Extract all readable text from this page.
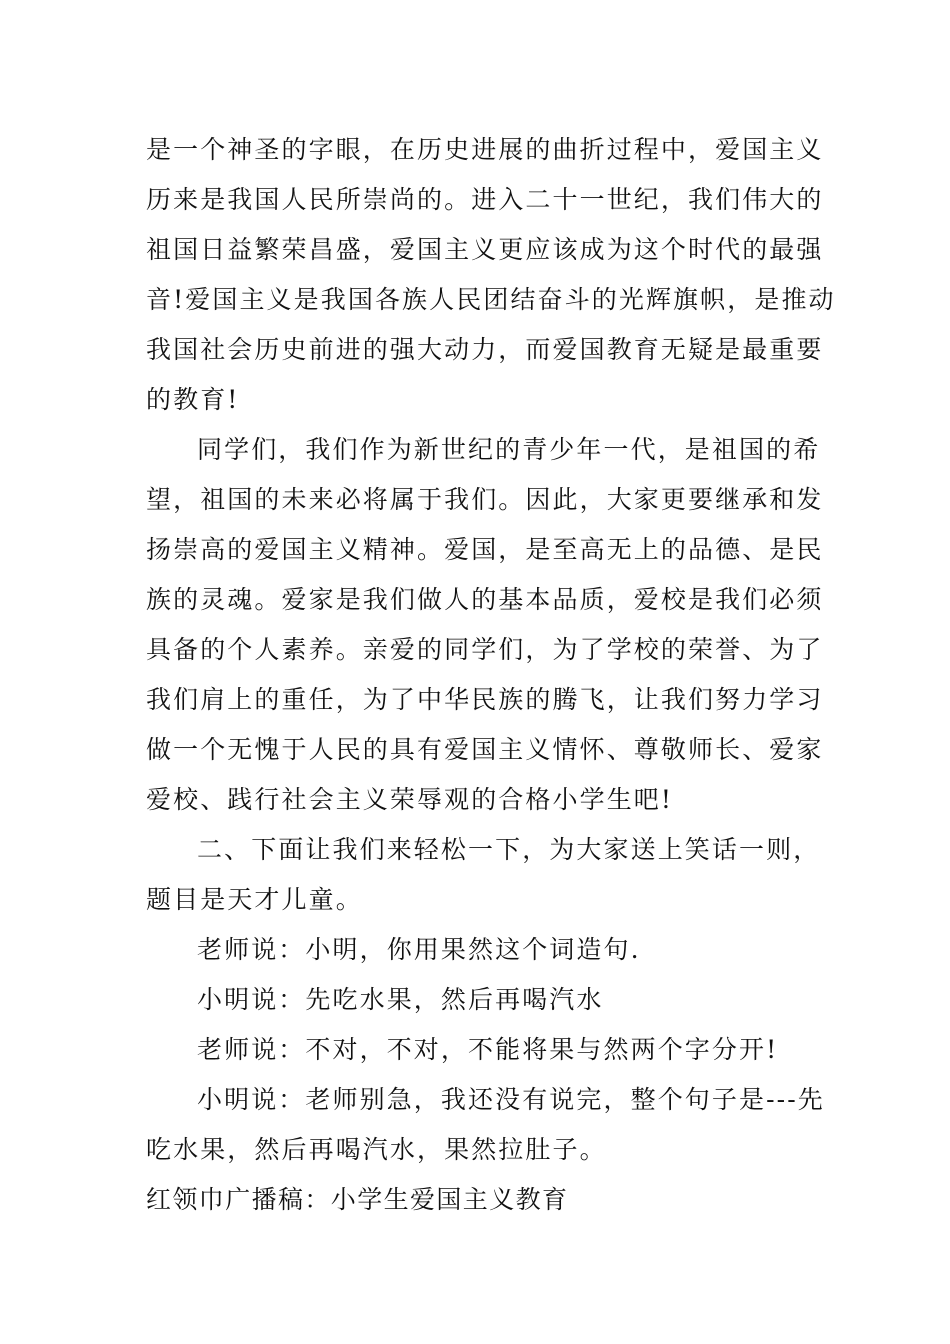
是一个神圣的字眼，在历史进展的曲折过程中，爱国主义
历来是我国人民所崇尚的。进入二十一世纪，我们伟大的
祖国日益繁荣昌盛，爱国主义更应该成为这个时代的最强
音!爱国主义是我国各族人民团结奋斗的光辉旗帜，是推动
我国社会历史前进的强大动力，而爱国教育无疑是最重要
的教育!
同学们，我们作为新世纪的青少年一代，是祖国的希
望，祖国的未来必将属于我们。因此，大家更要继承和发
扬崇高的爱国主义精神。爱国，是至高无上的品德、是民
族的灵魂。爱家是我们做人的基本品质，爱校是我们必须
具备的个人素养。亲爱的同学们，为了学校的荣誉、为了
我们肩上的重任，为了中华民族的腾飞，让我们努力学习
做一个无愧于人民的具有爱国主义情怀、尊敬师长、爱家
爱校、践行社会主义荣辱观的合格小学生吧!
二、下面让我们来轻松一下，为大家送上笑话一则，
题目是天才儿童。
老师说：小明，你用果然这个词造句.
小明说：先吃水果，然后再喝汽水
老师说：不对，不对，不能将果与然两个字分开!
小明说：老师别急，我还没有说完，整个句子是---先
吃水果，然后再喝汽水，果然拉肚子。
红领巾广播稿：小学生爱国主义教育
